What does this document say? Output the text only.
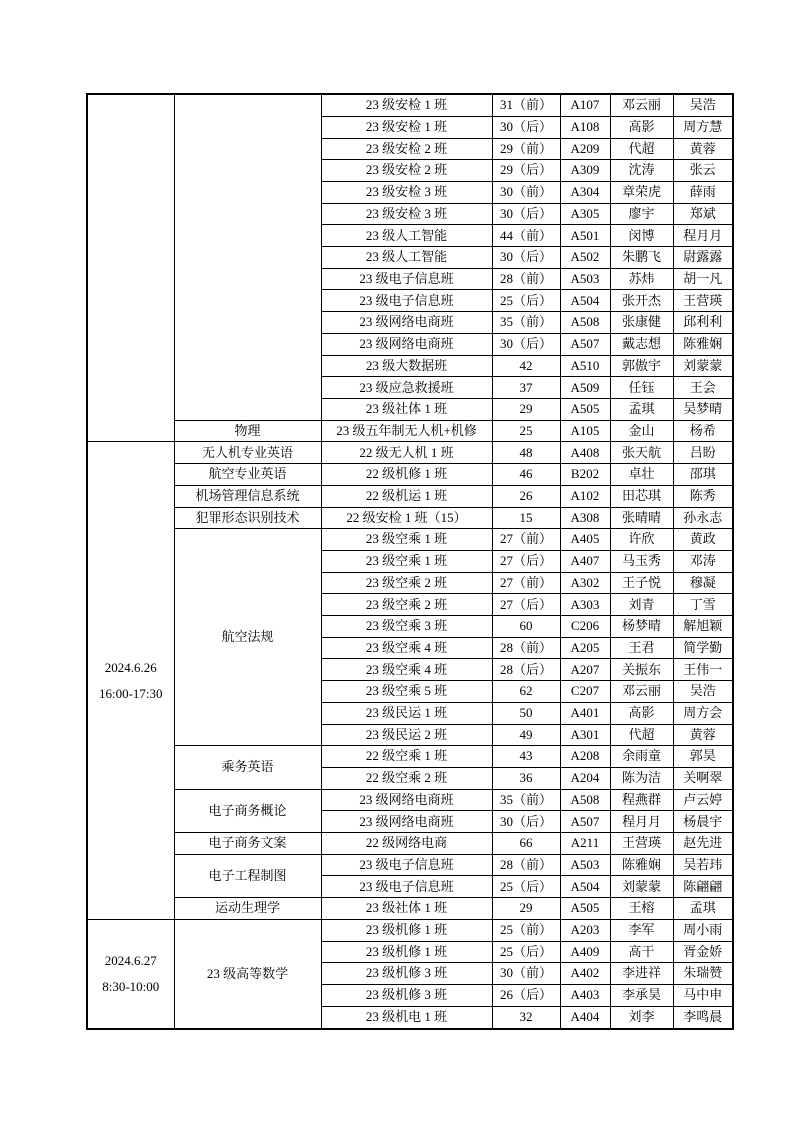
		23 级安检 1 班	31（前）	A107	邓云丽	吴浩
		23 级安检 1 班	30（后）	A108	高影	周方慧
		23 级安检 2 班	29（前）	A209	代超	黄蓉
		23 级安检 2 班	29（后）	A309	沈涛	张云
		23 级安检 3 班	30（前）	A304	章荣虎	薛雨
		23 级安检 3 班	30（后）	A305	廖宇	郑斌
		23 级人工智能	44（前）	A501	闵博	程月月
		23 级人工智能	30（后）	A502	朱鹏飞	尉露露
		23 级电子信息班	28（前）	A503	苏炜	胡一凡
		23 级电子信息班	25（后）	A504	张开杰	王营瑛
		23 级网络电商班	35（前）	A508	张康健	邱利利
		23 级网络电商班	30（后）	A507	戴志想	陈雅娴
		23 级大数据班	42	A510	郭傲宇	刘蒙蒙
		23 级应急救援班	37	A509	任钰	王会
		23 级社体 1 班	29	A505	孟琪	吴梦晴
	物理	23 级五年制无人机+机修	25	A105	金山	杨希

2024.6.26
16:00-17:30	无人机专业英语	22 级无人机 1 班	48	A408	张天航	吕盼
	航空专业英语	22 级机修 1 班	46	B202	卓壮	邵琪
	机场管理信息系统	22 级机运 1 班	26	A102	田芯琪	陈秀
	犯罪形态识别技术	22 级安检 1 班（15）	15	A308	张晴晴	孙永志
	航空法规	23 级空乘 1 班	27（前）	A405	许欣	黄政
		23 级空乘 1 班	27（后）	A407	马玉秀	邓涛
		23 级空乘 2 班	27（前）	A302	王子悦	穆凝
		23 级空乘 2 班	27（后）	A303	刘青	丁雪
		23 级空乘 3 班	60	C206	杨梦晴	解旭颖
		23 级空乘 4 班	28（前）	A205	王君	简学勤
		23 级空乘 4 班	28（后）	A207	关振东	王伟一
		23 级空乘 5 班	62	C207	邓云丽	吴浩
		23 级民运 1 班	50	A401	高影	周方会
		23 级民运 2 班	49	A301	代超	黄蓉
	乘务英语	22 级空乘 1 班	43	A208	余雨童	郭昊
		22 级空乘 2 班	36	A204	陈为洁	关啊翠
	电子商务概论	23 级网络电商班	35（前）	A508	程燕群	卢云婷
		23 级网络电商班	30（后）	A507	程月月	杨晨宇
	电子商务文案	22 级网络电商	66	A211	王营瑛	赵先进
	电子工程制图	23 级电子信息班	28（前）	A503	陈雅娴	吴若玮
		23 级电子信息班	25（后）	A504	刘蒙蒙	陈翩翩
	运动生理学	23 级社体 1 班	29	A505	王榕	孟琪

2024.6.27
8:30-10:00	23 级高等数学	23 级机修 1 班	25（前）	A203	李军	周小雨
		23 级机修 1 班	25（后）	A409	高干	胥金娇
		23 级机修 3 班	30（前）	A402	李进祥	朱瑞赞
		23 级机修 3 班	26（后）	A403	李承昊	马中申
		23 级机电 1 班	32	A404	刘李	李鸣晨
